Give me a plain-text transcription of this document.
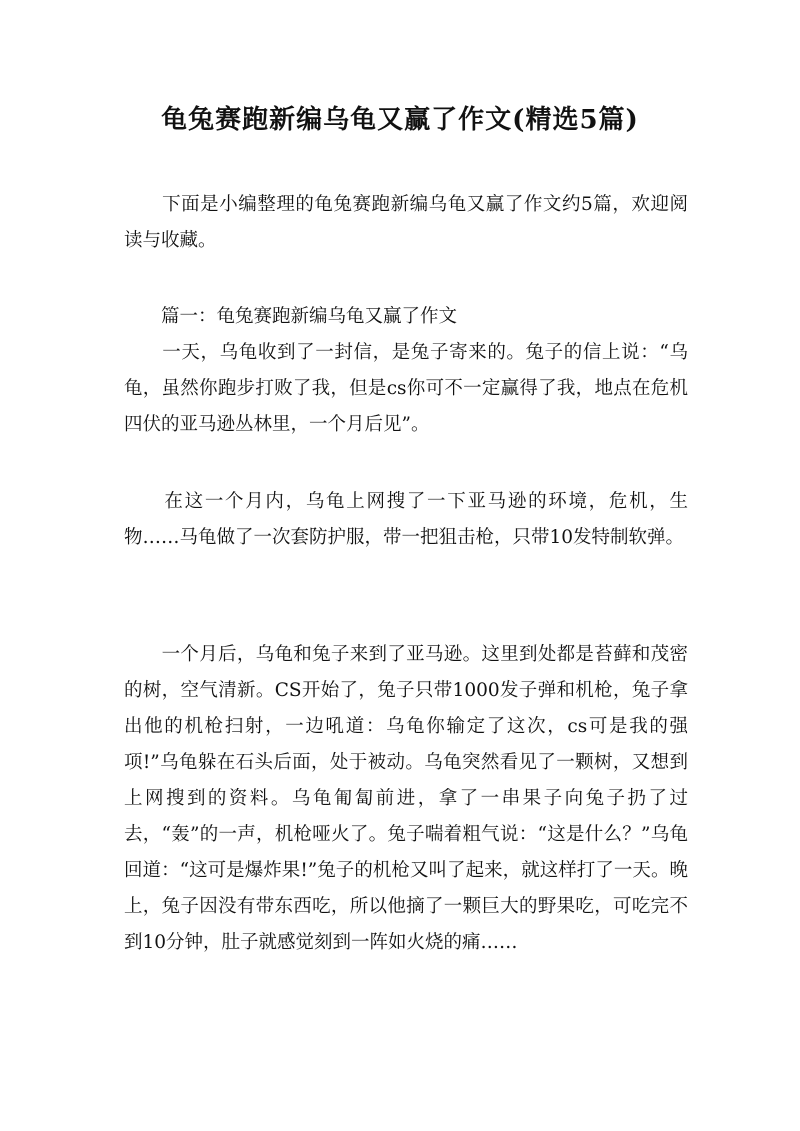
龟兔赛跑新编乌龟又赢了作文(精选5篇)
　　下面是小编整理的龟兔赛跑新编乌龟又赢了作文约5篇，欢迎阅读与收藏。
　　篇一：龟兔赛跑新编乌龟又赢了作文
　　一天，乌龟收到了一封信，是兔子寄来的。兔子的信上说：“乌龟，虽然你跑步打败了我，但是cs你可不一定赢得了我，地点在危机四伏的亚马逊丛林里，一个月后见”。
　　在这一个月内，乌龟上网搜了一下亚马逊的环境，危机，生物……马龟做了一次套防护服，带一把狙击枪，只带10发特制软弹。
　　一个月后，乌龟和兔子来到了亚马逊。这里到处都是苔藓和茂密的树，空气清新。CS开始了，兔子只带1000发子弹和机枪，兔子拿出他的机枪扫射，一边吼道：乌龟你输定了这次，cs可是我的强项!”乌龟躲在石头后面，处于被动。乌龟突然看见了一颗树，又想到上网搜到的资料。乌龟匍匐前进，拿了一串果子向兔子扔了过去，“轰”的一声，机枪哑火了。兔子喘着粗气说：“这是什么？”乌龟回道：“这可是爆炸果!”兔子的机枪又叫了起来，就这样打了一天。晚上，兔子因没有带东西吃，所以他摘了一颗巨大的野果吃，可吃完不到10分钟，肚子就感觉刻到一阵如火烧的痛……
